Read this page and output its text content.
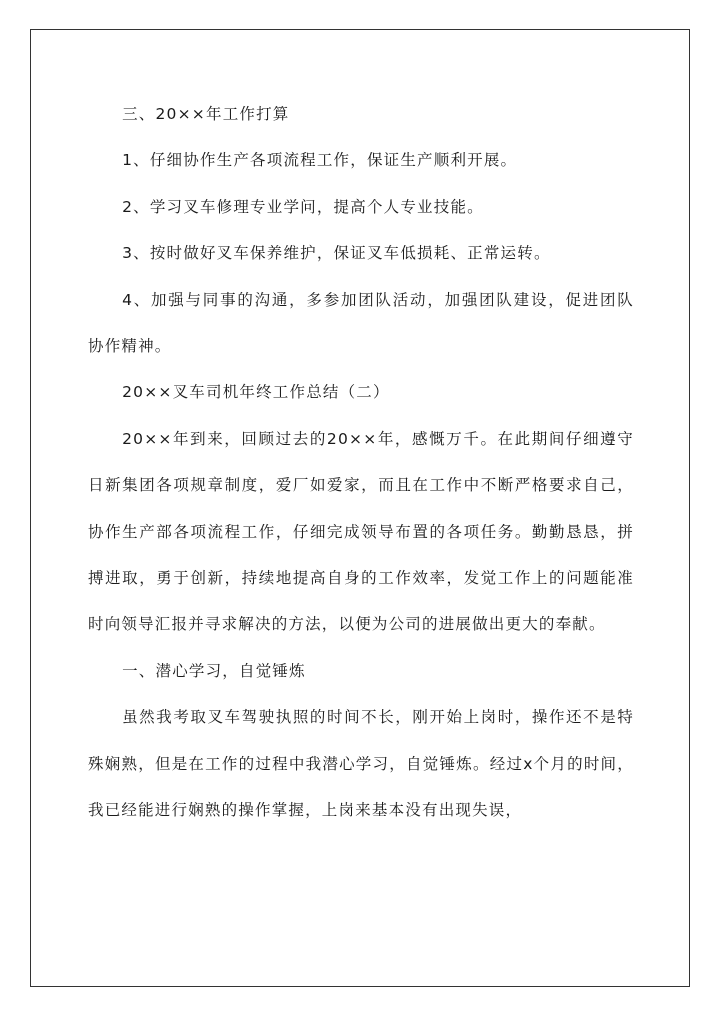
三、20××年工作打算

1、仔细协作生产各项流程工作，保证生产顺利开展。

2、学习叉车修理专业学问，提高个人专业技能。

3、按时做好叉车保养维护，保证叉车低损耗、正常运转。

4、加强与同事的沟通，多参加团队活动，加强团队建设，促进团队协作精神。

20××叉车司机年终工作总结（二）

20××年到来，回顾过去的20××年，感慨万千。在此期间仔细遵守日新集团各项规章制度，爱厂如爱家，而且在工作中不断严格要求自己，协作生产部各项流程工作，仔细完成领导布置的各项任务。勤勤恳恳，拼搏进取，勇于创新，持续地提高自身的工作效率，发觉工作上的问题能准时向领导汇报并寻求解决的方法，以便为公司的进展做出更大的奉献。

一、潜心学习，自觉锤炼

虽然我考取叉车驾驶执照的时间不长，刚开始上岗时，操作还不是特殊娴熟，但是在工作的过程中我潜心学习，自觉锤炼。经过x个月的时间，我已经能进行娴熟的操作掌握，上岗来基本没有出现失误，
